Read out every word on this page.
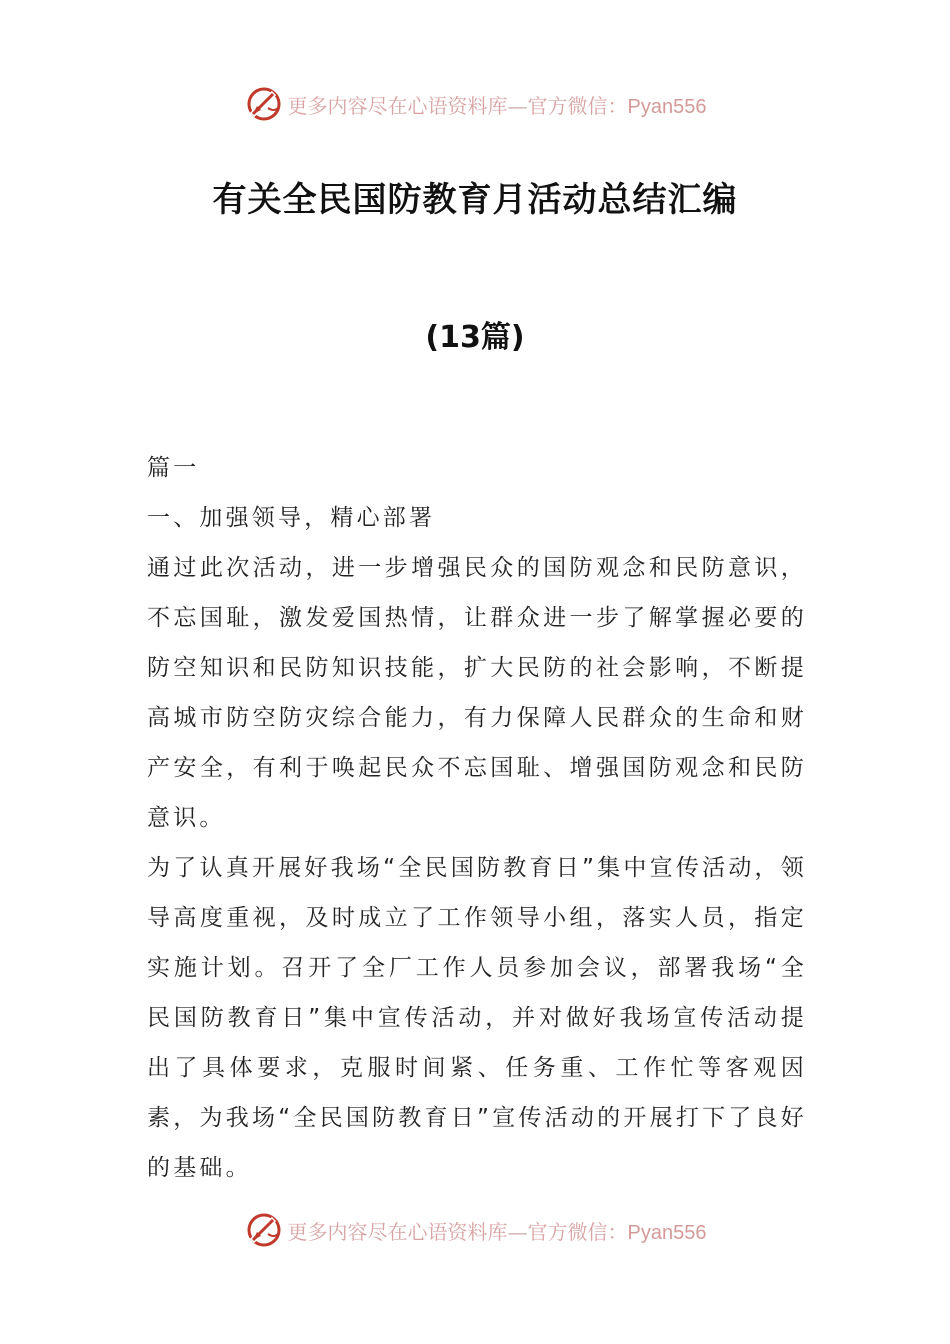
更多内容尽在心语资料库—官方微信：Pyan556
有关全民国防教育月活动总结汇编
(13篇)

篇一

一、加强领导，精心部署

通过此次活动，进一步增强民众的国防观念和民防意识，不忘国耻，激发爱国热情，让群众进一步了解掌握必要的防空知识和民防知识技能，扩大民防的社会影响，不断提高城市防空防灾综合能力，有力保障人民群众的生命和财产安全，有利于唤起民众不忘国耻、增强国防观念和民防意识。

为了认真开展好我场“全民国防教育日”集中宣传活动，领导高度重视，及时成立了工作领导小组，落实人员，指定实施计划。召开了全厂工作人员参加会议，部署我场“全民国防教育日”集中宣传活动，并对做好我场宣传活动提出了具体要求，克服时间紧、任务重、工作忙等客观因素，为我场“全民国防教育日”宣传活动的开展打下了良好的基础。

更多内容尽在心语资料库—官方微信：Pyan556
